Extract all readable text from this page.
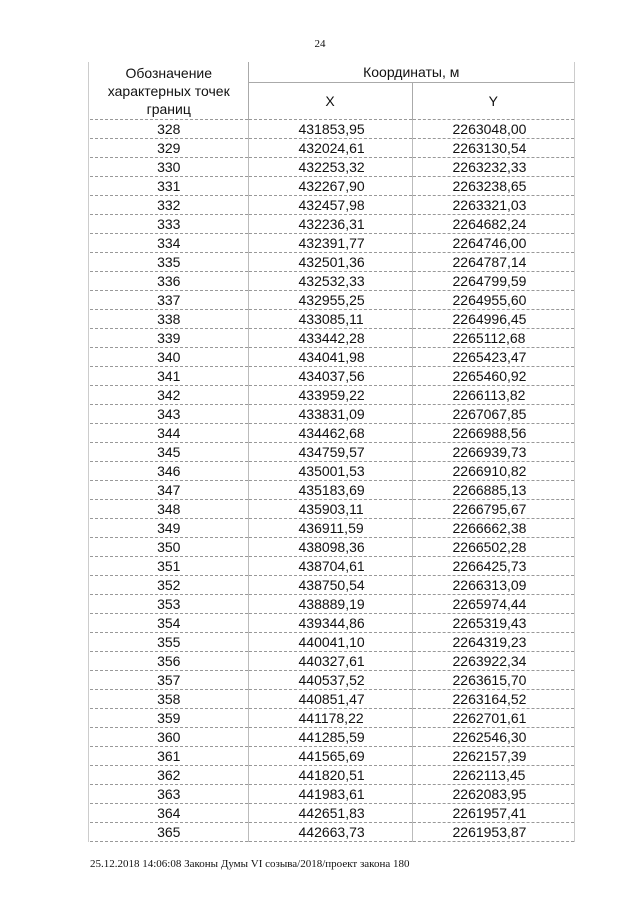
24
Обозначение
характерных точек
границ	Координаты, м	
	X	Y
328	431853,95	2263048,00
329	432024,61	2263130,54
330	432253,32	2263232,33
331	432267,90	2263238,65
332	432457,98	2263321,03
333	432236,31	2264682,24
334	432391,77	2264746,00
335	432501,36	2264787,14
336	432532,33	2264799,59
337	432955,25	2264955,60
338	433085,11	2264996,45
339	433442,28	2265112,68
340	434041,98	2265423,47
341	434037,56	2265460,92
342	433959,22	2266113,82
343	433831,09	2267067,85
344	434462,68	2266988,56
345	434759,57	2266939,73
346	435001,53	2266910,82
347	435183,69	2266885,13
348	435903,11	2266795,67
349	436911,59	2266662,38
350	438098,36	2266502,28
351	438704,61	2266425,73
352	438750,54	2266313,09
353	438889,19	2265974,44
354	439344,86	2265319,43
355	440041,10	2264319,23
356	440327,61	2263922,34
357	440537,52	2263615,70
358	440851,47	2263164,52
359	441178,22	2262701,61
360	441285,59	2262546,30
361	441565,69	2262157,39
362	441820,51	2262113,45
363	441983,61	2262083,95
364	442651,83	2261957,41
365	442663,73	2261953,87
25.12.2018 14:06:08 Законы Думы VI созыва/2018/проект закона 180
